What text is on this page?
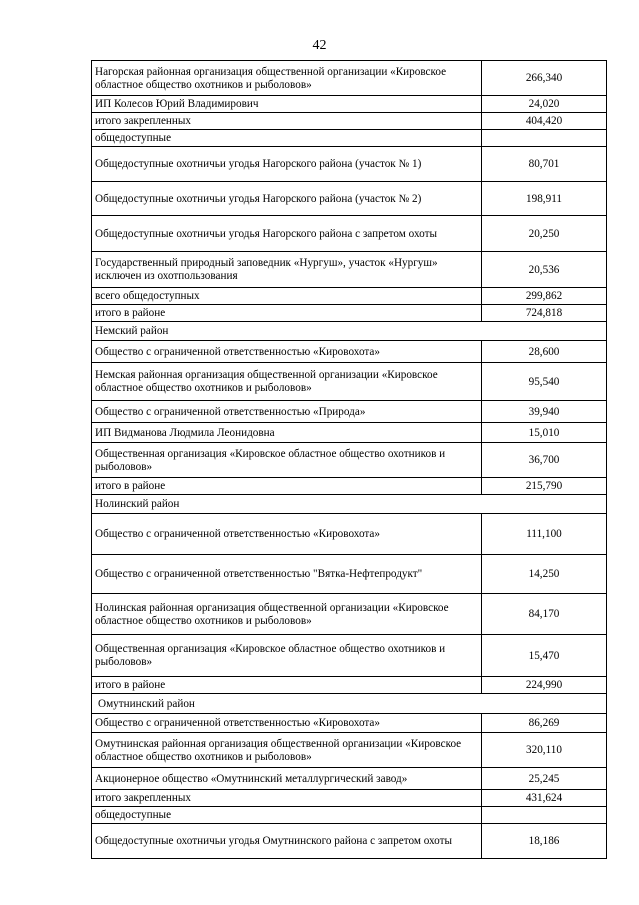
42
Нагорская районная организация общественной организации «Кировское областное общество охотников и рыболовов»	266,340
ИП Колесов Юрий Владимирович	24,020
итого закрепленных	404,420
общедоступные	
Общедоступные охотничьи угодья Нагорского района (участок № 1)	80,701
Общедоступные охотничьи угодья Нагорского района (участок № 2)	198,911
Общедоступные охотничьи угодья Нагорского района с запретом охоты	20,250
Государственный природный заповедник «Нургуш», участок «Нургуш» исключен из охотпользования	20,536
всего общедоступных	299,862
итого в районе	724,818
Немский район	
Общество с ограниченной ответственностью «Кировохота»	28,600
Немская районная организация общественной организации «Кировское областное общество охотников и рыболовов»	95,540
Общество с ограниченной ответственностью «Природа»	39,940
ИП Видманова Людмила Леонидовна	15,010
Общественная организация «Кировское областное общество охотников и рыболовов»	36,700
итого в районе	215,790
Нолинский район	
Общество с ограниченной ответственностью «Кировохота»	111,100
Общество с ограниченной ответственностью "Вятка-Нефтепродукт"	14,250
Нолинская районная организация общественной организации «Кировское областное общество охотников и рыболовов»	84,170
Общественная организация «Кировское областное общество охотников и рыболовов»	15,470
итого в районе	224,990
Омутнинский район	
Общество с ограниченной ответственностью «Кировохота»	86,269
Омутнинская районная организация общественной организации «Кировское областное общество охотников и рыболовов»	320,110
Акционерное общество «Омутнинский металлургический завод»	25,245
итого закрепленных	431,624
общедоступные	
Общедоступные охотничьи угодья Омутнинского района с запретом охоты	18,186
